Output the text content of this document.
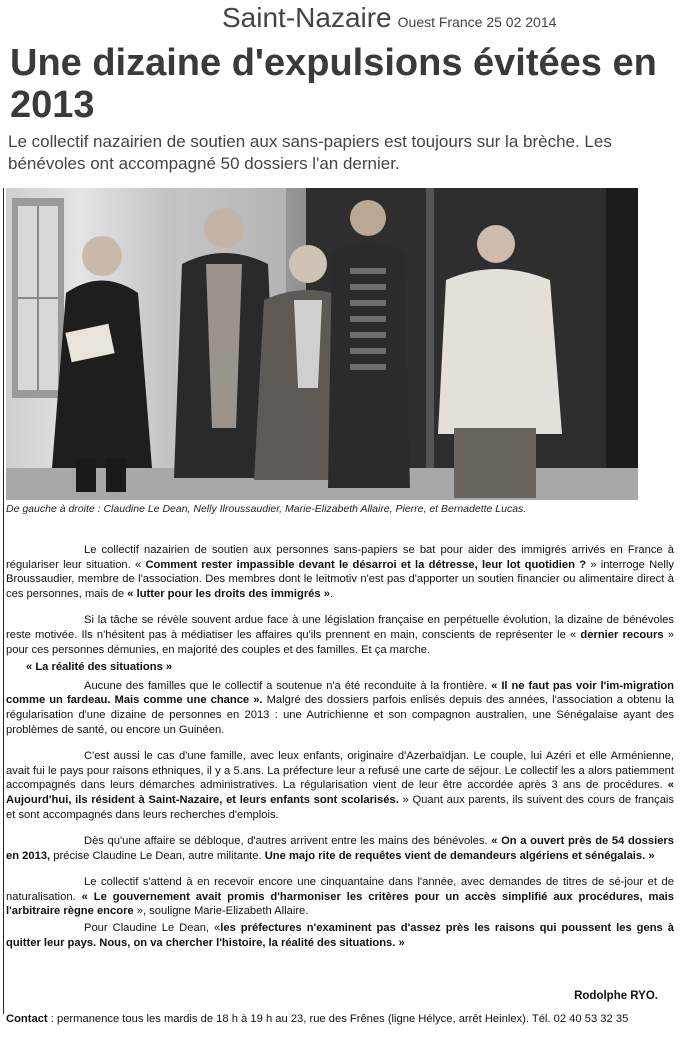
Saint-Nazaire Ouest France 25 02 2014
Une dizaine d'expulsions évitées en 2013
Le collectif nazairien de soutien aux sans-papiers est toujours sur la brèche. Les bénévoles ont accompagné 50 dossiers l'an dernier.
De gauche à droite : Claudine Le Dean, Nelly Ilroussaudier, Marie-Elizabeth Allaire, Pierre, et Bernadette Lucas.

Le collectif nazairien de soutien aux personnes sans-papiers se bat pour aider des immigrés arrivés en France à régulariser leur situation. « Comment rester impassible devant le désarroi et la détresse, leur lot quotidien ? » interroge Nelly Broussaudier, membre de l'association. Des membres dont le leitmotiv n'est pas d'apporter un soutien financier ou alimentaire direct à ces personnes, mais de « lutter pour les droits des immigrés ».

Si la tâche se révèle souvent ardue face à une législation française en perpétuelle évolution, la dizaine de bénévoles reste motivée. Ils n'hésitent pas à médiatiser les affaires qu'ils prennent en main, conscients de représenter le « dernier recours » pour ces personnes démunies, en majorité des couples et des familles. Et ça marche.

« La réalité des situations »

Aucune des familles que le collectif a soutenue n'a été reconduite à la frontière. « Il ne faut pas voir l'im-migration comme un fardeau. Mais comme une chance ». Malgré des dossiers parfois enlisés depuis des années, l'association a obtenu la régularisation d'une dizaine de personnes en 2013 : une Autrichienne et son compagnon australien, une Sénégalaise ayant des problèmes de santé, ou encore un Guinéen.

C'est aussi le cas d'une famille, avec leux enfants, originaire d'Azerbaïdjan. Le couple, lui Azéri et elle Arménienne, avait fui le pays pour raisons ethniques, il y a 5.ans. La préfecture leur a refusé une carte de séjour. Le collectif les a alors patiemment accompagnés dans leurs démarches administratives. La régularisation vient de leur être accordée après 3 ans de procédures. « Aujourd'hui, ils résident à Saint-Nazaire, et leurs enfants sont scolarisés. » Quant aux parents, ils suivent des cours de français et sont accompagnés dans leurs recherches d'emplois.

Dès qu'une affaire se débloque, d'autres arrivent entre les mains des bénévoles. « On a ouvert près de 54 dossiers en 2013, précise Claudine Le Dean, autre militante. Une majo rite de requêtes vient de demandeurs algériens et sénégalais. »

Le collectif s'attend à en recevoir encore une cinquantaine dans l'année, avec demandes de titres de sé-jour et de naturalisation. « Le gouvernement avait promis d'harmoniser les critères pour un accès simplifié aux procédures, mais l'arbitraire règne encore », souligne Marie-Elizabeth Allaire.

Pour Claudine Le Dean, «les préfectures n'examinent pas d'assez près les raisons qui poussent les gens à quitter leur pays. Nous, on va chercher l'histoire, la réalité des situations. »

Rodolphe RYO.
Contact : permanence tous les mardis de 18 h à 19 h au 23, rue des Frênes (ligne Hélyce, arrêt Heinlex). Tél. 02 40 53 32 35
